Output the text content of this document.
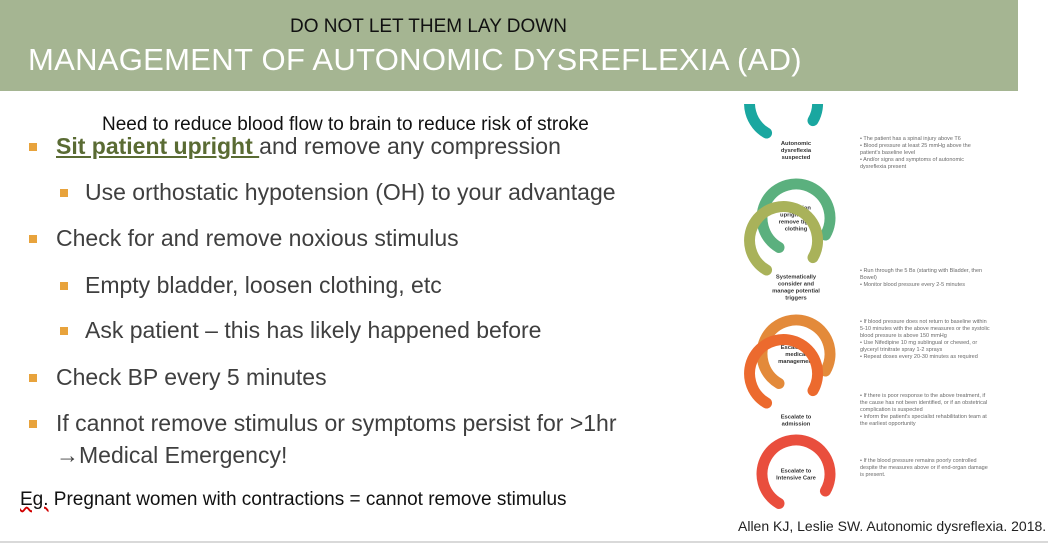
DO NOT LET THEM LAY DOWN
MANAGEMENT OF AUTONOMIC DYSREFLEXIA (AD)
Need to reduce blood flow to brain to reduce risk of stroke
Sit patient upright and remove any compression
Use orthostatic hypotension (OH) to your advantage
Check for and remove noxious stimulus
Empty bladder, loosen clothing, etc
Ask patient – this has likely happened before
Check BP every 5 minutes
If cannot remove stimulus or symptoms persist for >1hr
→Medical Emergency!
Eg. Pregnant women with contractions = cannot remove stimulus
Autonomic dysreflexia suspected
Reposition upright and remove tight clothing
Systematically consider and manage potential triggers
Escalate to medical management
Escalate to admission
Escalate to Intensive Care
• The patient has a spinal injury above T6
• Blood pressure at least 25 mmHg above the patient's baseline level
• And/or signs and symptoms of autonomic dysreflexia present
• Run through the 5 Bs (starting with Bladder, then Bowel)
• Monitor blood pressure every 2-5 minutes
• If blood pressure does not return to baseline within 5-10 minutes with the above measures or the systolic blood pressure is above 150 mmHg
• Use Nifedipine 10 mg sublingual or chewed, or glyceryl trinitrate spray 1-2 sprays
• Repeat doses every 20-30 minutes as required
• If there is poor response to the above treatment, if the cause has not been identified, or if an obstetrical complication is suspected
• Inform the patient's specialist rehabilitation team at the earliest opportunity
• If the blood pressure remains poorly controlled despite the measures above or if end-organ damage is present.
Allen KJ, Leslie SW. Autonomic dysreflexia. 2018.
